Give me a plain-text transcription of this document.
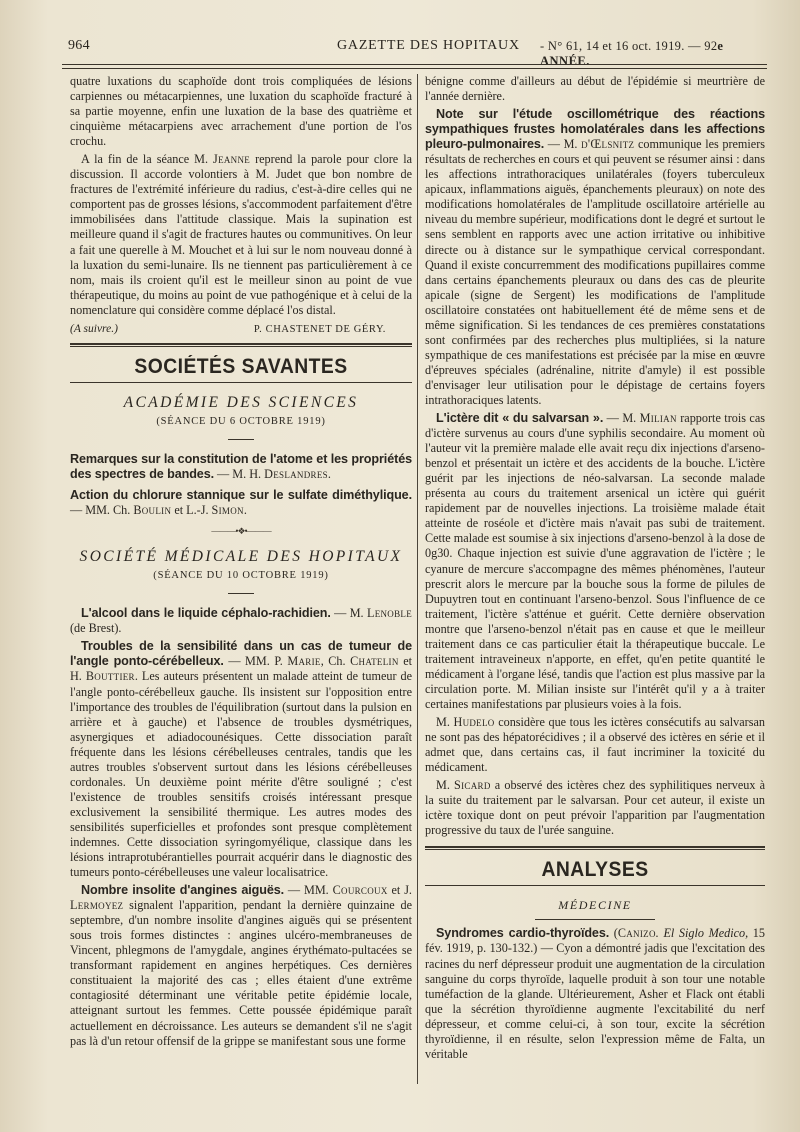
964	GAZETTE DES HOPITAUX - N° 61, 14 et 16 oct. 1919. — 92e ANNÉE.

quatre luxations du scaphoïde dont trois compliquées de lésions carpiennes ou métacarpiennes, une luxation du scaphoïde fracturé à sa partie moyenne, enfin une luxation de la base des quatrième et cinquième métacarpiens avec arrachement d'une portion de l'os crochu.

A la fin de la séance M. Jeanne reprend la parole pour clore la discussion. Il accorde volontiers à M. Judet que bon nombre de fractures de l'extrémité inférieure du radius, c'est-à-dire celles qui ne comportent pas de grosses lésions, s'accommodent parfaitement d'être immobilisées dans l'attitude classique. Mais la supination est meilleure quand il s'agit de fractures hautes ou communitives. On leur a fait une querelle à M. Mouchet et à lui sur le nom nouveau donné à la luxation du semi-lunaire. Ils ne tiennent pas particulièrement à ce nom, mais ils croient qu'il est le meilleur sinon au point de vue thérapeutique, du moins au point de vue pathogénique et à celui de la nomenclature qui considère comme déplacé l'os distal.

(A suivre.)	P. CHASTENET DE GÉRY.
SOCIÉTÉS SAVANTES
ACADÉMIE DES SCIENCES
(SÉANCE DU 6 OCTOBRE 1919)

Remarques sur la constitution de l'atome et les propriétés des spectres de bandes. — M. H. Deslandres.

Action du chlorure stannique sur le sulfate diméthylique. — MM. Ch. Boulin et L.-J. Simon.

———•❖•———
SOCIÉTÉ MÉDICALE DES HOPITAUX
(SÉANCE DU 10 OCTOBRE 1919)

L'alcool dans le liquide céphalo-rachidien. — M. Lenoble (de Brest).

Troubles de la sensibilité dans un cas de tumeur de l'angle ponto-cérébelleux. — MM. P. Marie, Ch. Chatelin et H. Bouttier. Les auteurs présentent un malade atteint de tumeur de l'angle ponto-cérébelleux gauche. Ils insistent sur l'opposition entre l'importance des troubles de l'équilibration (surtout dans la pulsion en arrière et à gauche) et l'absence de troubles dysmétriques, asynergiques et adiadocounésiques. Cette dissociation paraît fréquente dans les lésions cérébelleuses centrales, tandis que les autres troubles s'observent surtout dans les lésions cérébelleuses cordonales. Un deuxième point mérite d'être souligné ; c'est l'existence de troubles sensitifs croisés intéressant presque exclusivement la sensibilité thermique. Les autres modes des sensibilités superficielles et profondes sont presque complètement indemnes. Cette dissociation syringomyélique, classique dans les lésions intraprotubérantielles pourrait acquérir dans le diagnostic des tumeurs ponto-cérébelleuses une valeur localisatrice.

Nombre insolite d'angines aiguës. — MM. Courcoux et J. Lermoyez signalent l'apparition, pendant la dernière quinzaine de septembre, d'un nombre insolite d'angines aiguës qui se présentent sous trois formes distinctes : angines ulcéro-membraneuses de Vincent, phlegmons de l'amygdale, angines érythémato-pultacées se transformant rapidement en angines herpétiques. Ces dernières constituaient la majorité des cas ; elles étaient d'une extrême contagiosité déterminant une véritable petite épidémie locale, atteignant surtout les femmes. Cette poussée épidémique paraît actuellement en décroissance. Les auteurs se demandent s'il ne s'agit pas là d'un retour offensif de la grippe se manifestant sous une forme

bénigne comme d'ailleurs au début de l'épidémie si meurtrière de l'année dernière.

Note sur l'étude oscillométrique des réactions sympathiques frustes homolatérales dans les affections pleuro-pulmonaires. — M. d'Œlsnitz communique les premiers résultats de recherches en cours et qui peuvent se résumer ainsi : dans les affections intrathoraciques unilatérales (foyers tuberculeux apicaux, inflammations aiguës, épanchements pleuraux) on note des modifications homolatérales de l'amplitude oscillatoire artérielle au niveau du membre supérieur, modifications dont le degré et surtout le sens semblent en rapports avec une action irritative ou inhibitive directe ou à distance sur le sympathique cervical correspondant. Quand il existe concurremment des modifications pupillaires comme dans certains épanchements pleuraux ou dans des cas de pleurite apicale (signe de Sergent) les modifications de l'amplitude oscillatoire constatées ont habituellement été de même sens et de même signification. Si les tendances de ces premières constatations sont confirmées par des recherches plus multipliées, si la nature sympathique de ces manifestations est précisée par la mise en œuvre d'épreuves spéciales (adrénaline, nitrite d'amyle) il est possible d'envisager leur utilisation pour le dépistage de certains foyers intrathoraciques latents.

L'ictère dit « du salvarsan ». — M. Milian rapporte trois cas d'ictère survenus au cours d'une syphilis secondaire. Au moment où l'auteur vit la première malade elle avait reçu dix injections d'arseno-benzol et présentait un ictère et des accidents de la bouche. L'ictère guérit par les injections de néo-salvarsan. La seconde malade présenta au cours du traitement arsenical un ictère qui guérit rapidement par de nouvelles injections. La troisième malade était atteinte de roséole et d'ictère mais n'avait pas subi de traitement. Cette malade est soumise à six injections d'arseno-benzol à la dose de 0g30. Chaque injection est suivie d'une aggravation de l'ictère ; le cyanure de mercure s'accompagne des mêmes phénomènes, l'auteur prescrit alors le mercure par la bouche sous la forme de pilules de Dupuytren tout en continuant l'arseno-benzol. Sous l'influence de ce traitement, l'ictère s'atténue et guérit. Cette dernière observation montre que l'arseno-benzol n'était pas en cause et que le meilleur traitement dans ce cas particulier était la thérapeutique buccale. Le traitement intraveineux n'apporte, en effet, qu'en petite quantité le médicament à l'organe lésé, tandis que l'action est plus massive par la circulation porte. M. Milian insiste sur l'intérêt qu'il y a à traiter certaines manifestations par plusieurs voies à la fois.

M. Hudelo considère que tous les ictères consécutifs au salvarsan ne sont pas des hépatorécidives ; il a observé des ictères en série et il admet que, dans certains cas, il faut incriminer la toxicité du médicament.

M. Sicard a observé des ictères chez des syphilitiques nerveux à la suite du traitement par le salvarsan. Pour cet auteur, il existe un ictère toxique dont on peut prévoir l'apparition par l'augmentation progressive du taux de l'urée sanguine.

ANALYSES
MÉDECINE

Syndromes cardio-thyroïdes. (Canizo. El Siglo Medico, 15 fév. 1919, p. 130-132.) — Cyon a démontré jadis que l'excitation des racines du nerf dépresseur produit une augmentation de la circulation sanguine du corps thyroïde, laquelle produit à son tour une notable tuméfaction de la glande. Ultérieurement, Asher et Flack ont établi que la sécrétion thyroïdienne augmente l'excitabilité du nerf dépresseur, et comme celui-ci, à son tour, excite la sécrétion thyroïdienne, il en résulte, selon l'expression même de Falta, un véritable
